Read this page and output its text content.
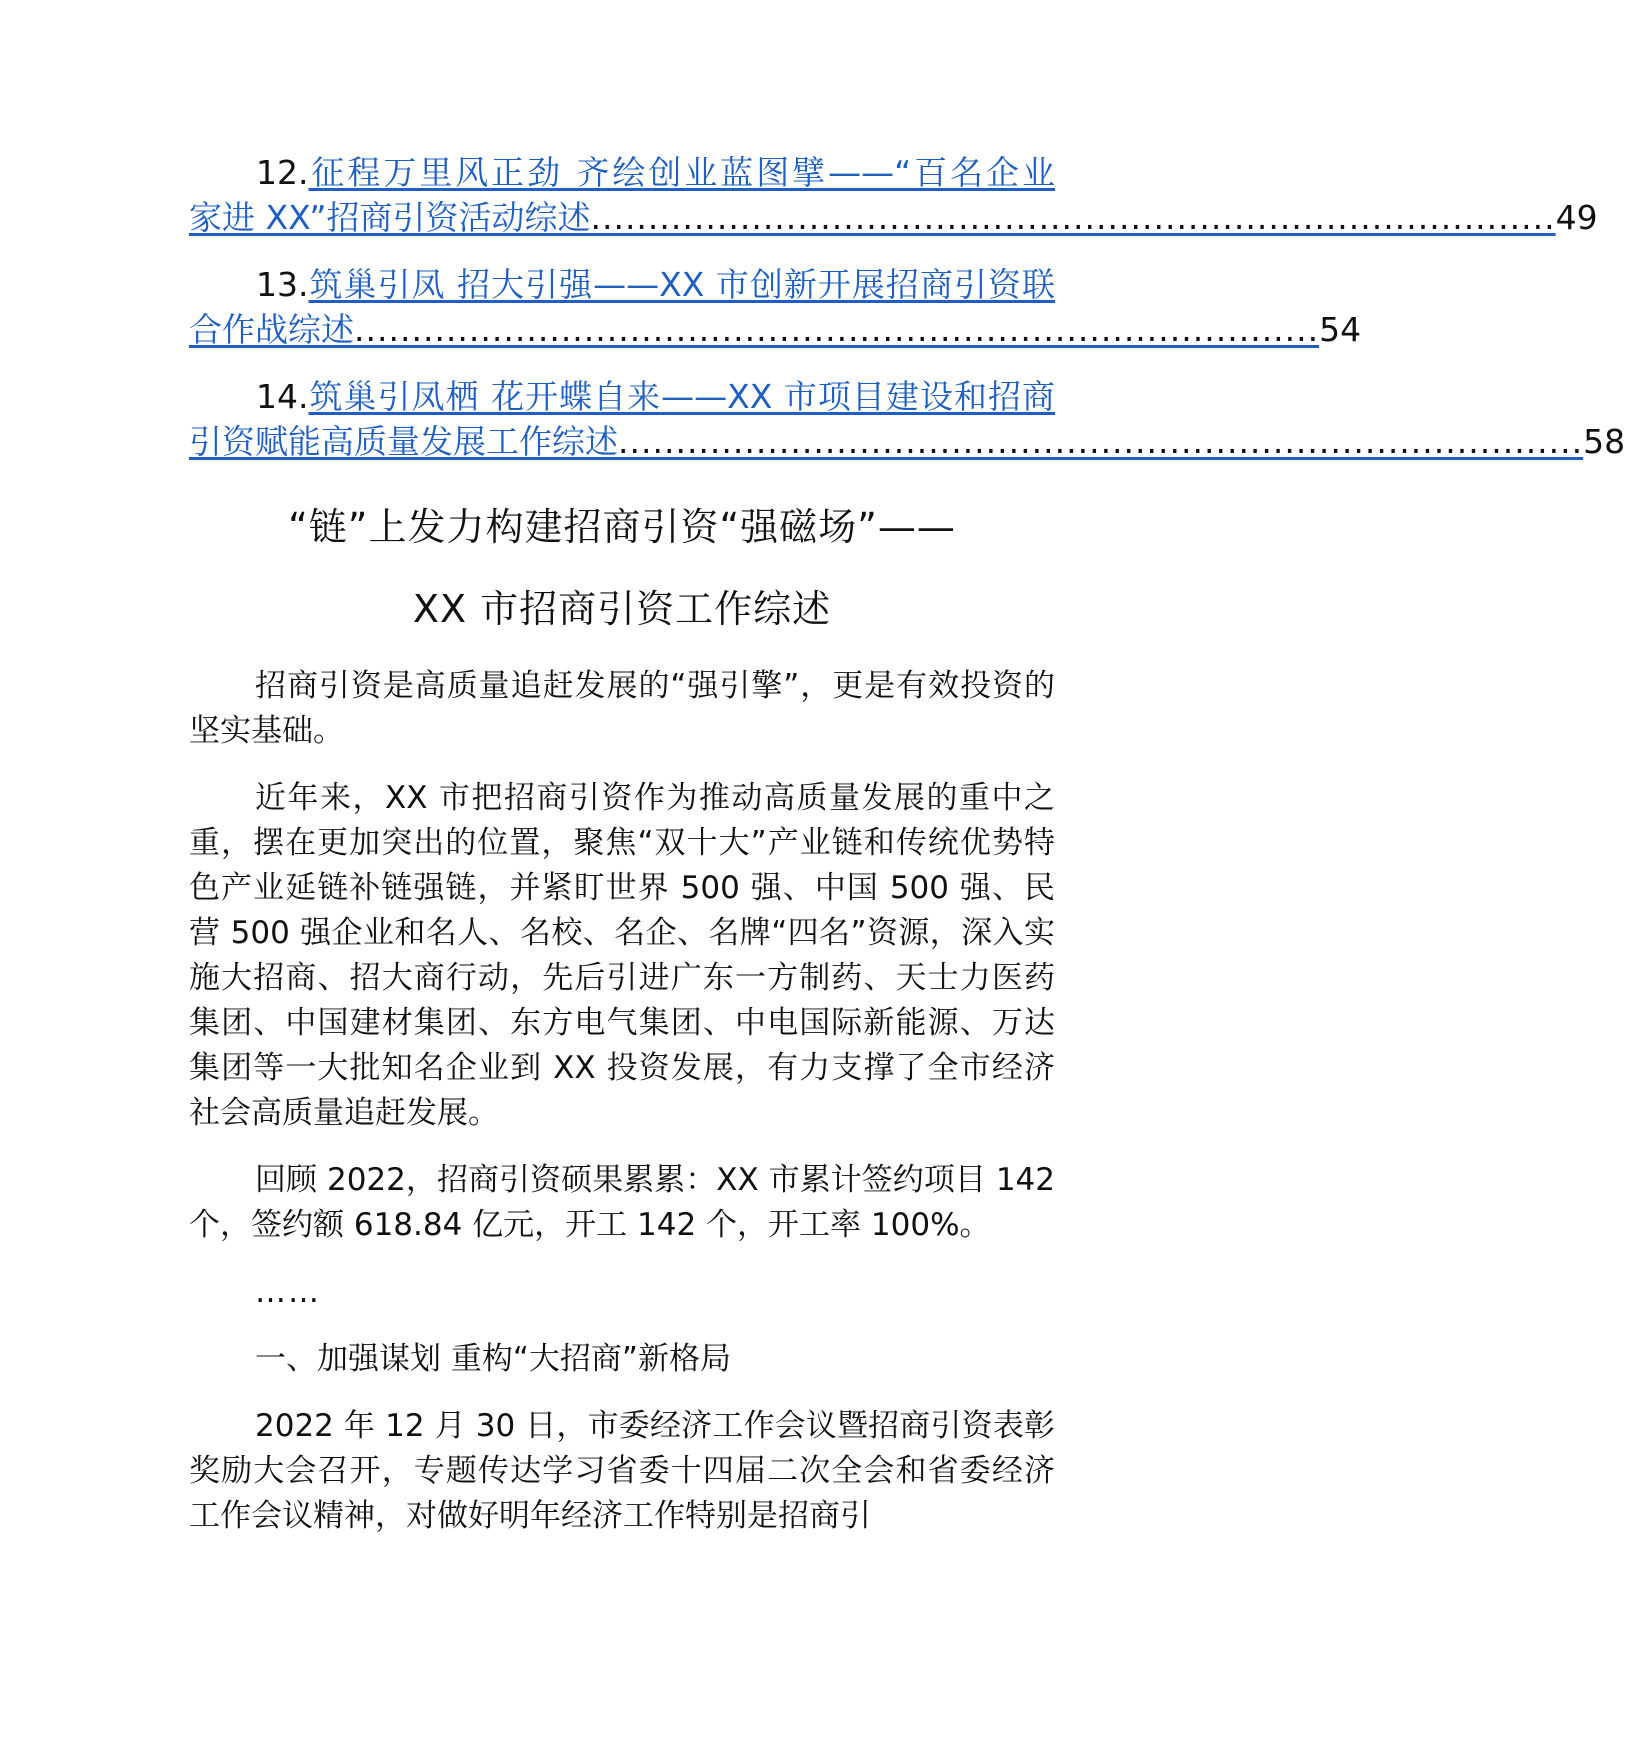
12.征程万里风正劲 齐绘创业蓝图擘——“百名企业
家进 XX”招商引资活动综述 .................................................................................... 49
13.筑巢引凤 招大引强——XX 市创新开展招商引资联
合作战综述 .................................................................................... 54
14.筑巢引凤栖 花开蝶自来——XX 市项目建设和招商
引资赋能高质量发展工作综述 .................................................................................... 58
“链”上发力构建招商引资“强磁场”——
XX 市招商引资工作综述

招商引资是高质量追赶发展的“强引擎”，更是有效投资的坚实基础。

近年来，XX 市把招商引资作为推动高质量发展的重中之重，摆在更加突出的位置，聚焦“双十大”产业链和传统优势特色产业延链补链强链，并紧盯世界 500 强、中国 500 强、民营 500 强企业和名人、名校、名企、名牌“四名”资源，深入实施大招商、招大商行动，先后引进广东一方制药、天士力医药集团、中国建材集团、东方电气集团、中电国际新能源、万达集团等一大批知名企业到 XX 投资发展，有力支撑了全市经济社会高质量追赶发展。

回顾 2022，招商引资硕果累累：XX 市累计签约项目 142 个，签约额 618.84 亿元，开工 142 个，开工率 100%。

……
一、加强谋划 重构“大招商”新格局

2022 年 12 月 30 日，市委经济工作会议暨招商引资表彰奖励大会召开，专题传达学习省委十四届二次全会和省委经济工作会议精神，对做好明年经济工作特别是招商引
